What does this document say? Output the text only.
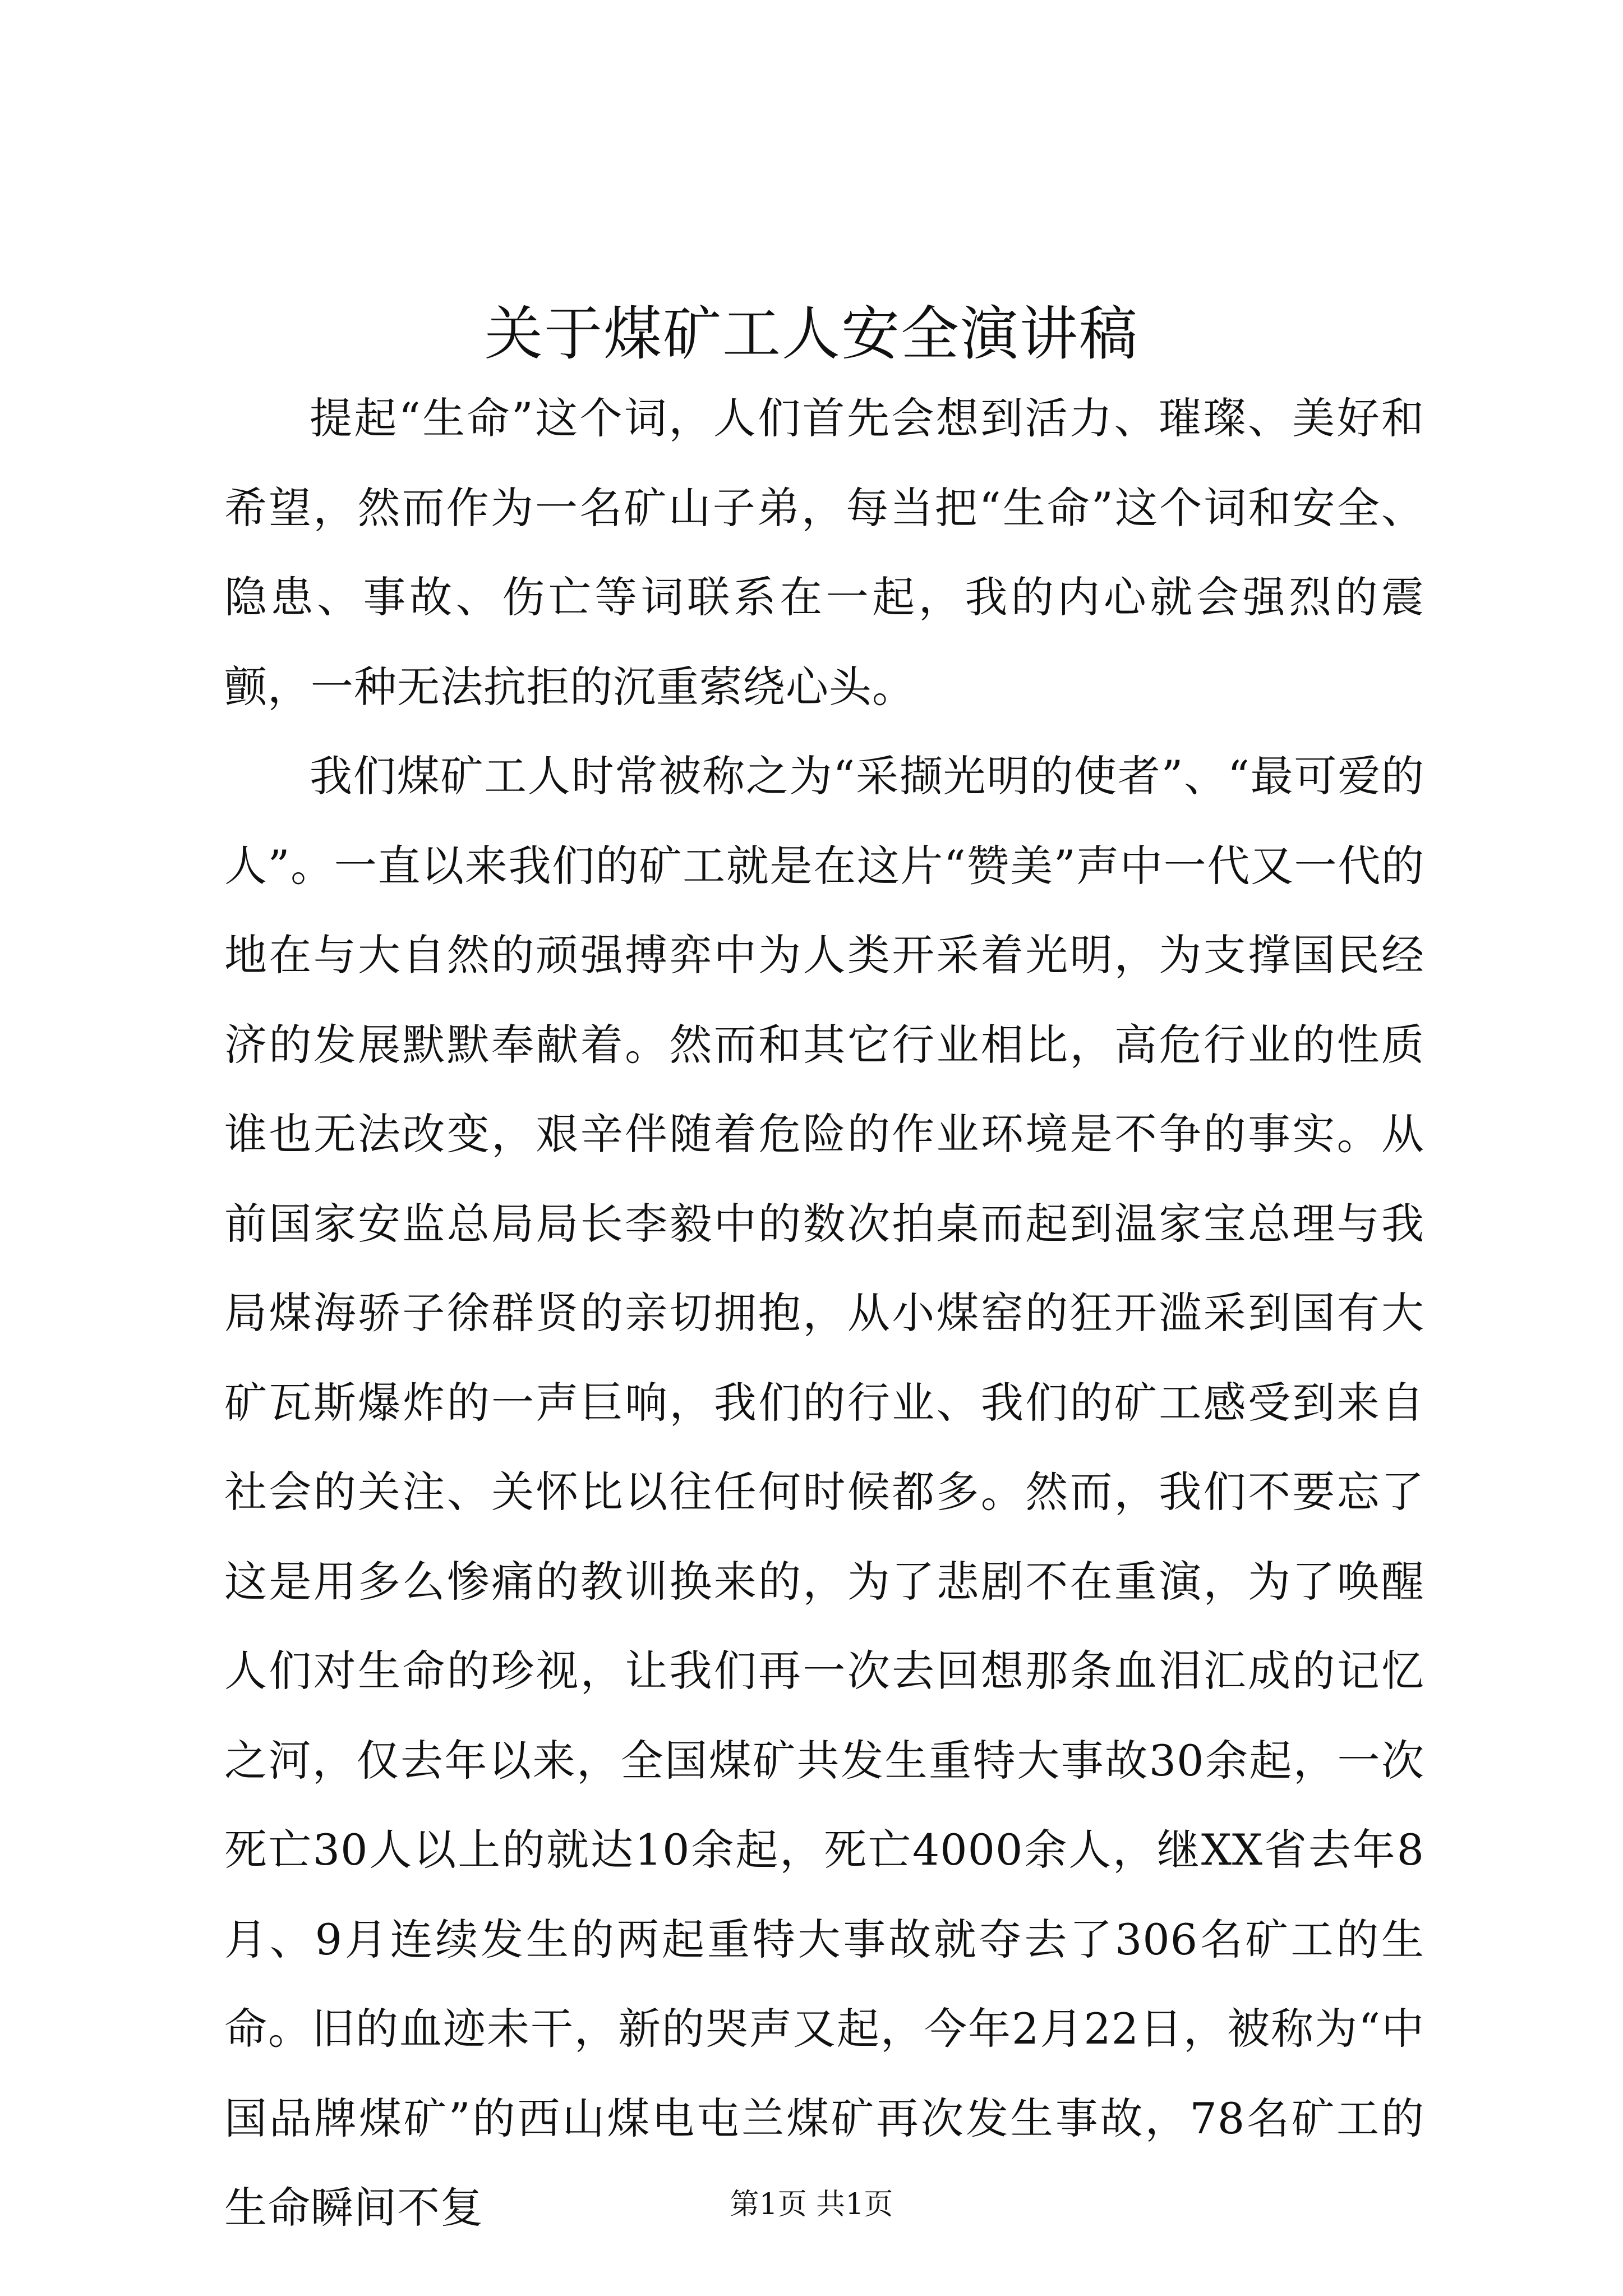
关于煤矿工人安全演讲稿

提起“生命”这个词，人们首先会想到活力、璀璨、美好和希望，然而作为一名矿山子弟，每当把“生命”这个词和安全、隐患、事故、伤亡等词联系在一起，我的内心就会强烈的震颤，一种无法抗拒的沉重萦绕心头。

我们煤矿工人时常被称之为“采撷光明的使者”、“最可爱的人”。一直以来我们的矿工就是在这片“赞美”声中一代又一代的地在与大自然的顽强搏弈中为人类开采着光明，为支撑国民经济的发展默默奉献着。然而和其它行业相比，高危行业的性质谁也无法改变，艰辛伴随着危险的作业环境是不争的事实。从前国家安监总局局长李毅中的数次拍桌而起到温家宝总理与我局煤海骄子徐群贤的亲切拥抱，从小煤窑的狂开滥采到国有大矿瓦斯爆炸的一声巨响，我们的行业、我们的矿工感受到来自社会的关注、关怀比以往任何时候都多。然而，我们不要忘了这是用多么惨痛的教训换来的，为了悲剧不在重演，为了唤醒人们对生命的珍视，让我们再一次去回想那条血泪汇成的记忆之河，仅去年以来，全国煤矿共发生重特大事故30余起，一次死亡30人以上的就达10余起，死亡4000余人，继XX省去年8月、9月连续发生的两起重特大事故就夺去了306名矿工的生命。旧的血迹未干，新的哭声又起，今年2月22日，被称为“中国品牌煤矿”的西山煤电屯兰煤矿再次发生事故，78名矿工的生命瞬间不复	第1页 共1页
